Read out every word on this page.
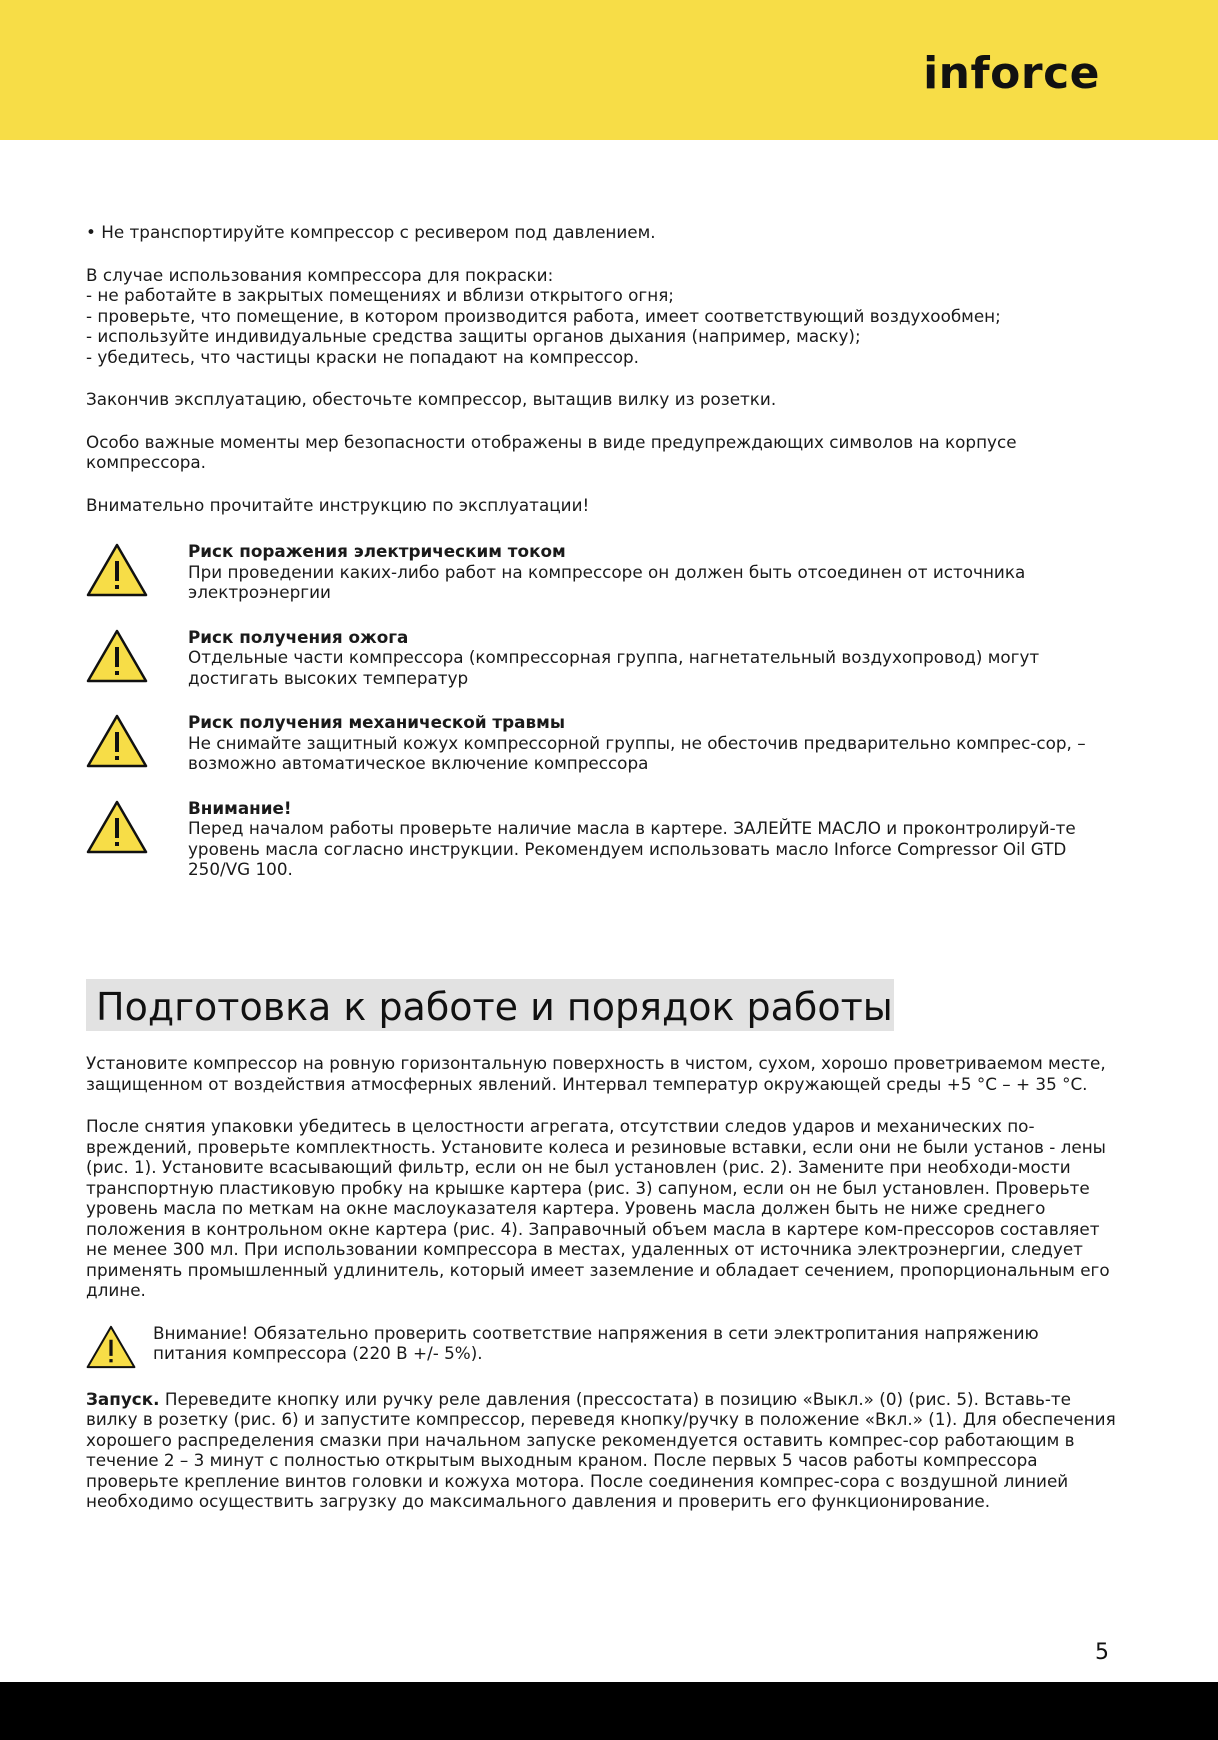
inforce

• Не транспортируйте компрессор с ресивером под давлением.

В случае использования компрессора для покраски:
- не работайте в закрытых помещениях и вблизи открытого огня;
- проверьте, что помещение, в котором производится работа, имеет соответствующий воздухообмен;
- используйте индивидуальные средства защиты органов дыхания (например, маску);
- убедитесь, что частицы краски не попадают на компрессор.

Закончив эксплуатацию, обесточьте компрессор, вытащив вилку из розетки.

Особо важные моменты мер безопасности отображены в виде предупреждающих символов на корпусе компрессора.

Внимательно прочитайте инструкцию по эксплуатации!

Риск поражения электрическим током
При проведении каких-либо работ на компрессоре он должен быть отсоединен от источника электроэнергии
Риск получения ожога
Отдельные части компрессора (компрессорная группа, нагнетательный воздухопровод) могут достигать высоких температур
Риск получения механической травмы
Не снимайте защитный кожух компрессорной группы, не обесточив предварительно компрес-сор, – возможно автоматическое включение компрессора
Внимание!
Перед началом работы проверьте наличие масла в картере. ЗАЛЕЙТЕ МАСЛО и проконтролируй-те уровень масла согласно инструкции. Рекомендуем использовать масло Inforce Compressor Oil GTD 250/VG 100.
Подготовка к работе и порядок работы

Установите компрессор на ровную горизонтальную поверхность в чистом, сухом, хорошо проветриваемом месте, защищенном от воздействия атмосферных явлений. Интервал температур окружающей среды +5 °С – + 35 °С.

После снятия упаковки убедитесь в целостности агрегата, отсутствии следов ударов и механических по-вреждений, проверьте комплектность. Установите колеса и резиновые вставки, если они не были установ - лены (рис. 1). Установите всасывающий фильтр, если он не был установлен (рис. 2). Замените при необходи-мости транспортную пластиковую пробку на крышке картера (рис. 3) сапуном, если он не был установлен. Проверьте уровень масла по меткам на окне маслоуказателя картера. Уровень масла должен быть не ниже среднего положения в контрольном окне картера (рис. 4). Заправочный объем масла в картере ком-прессоров составляет не менее 300 мл. При использовании компрессора в местах, удаленных от источника электроэнергии, следует применять промышленный удлинитель, который имеет заземление и обладает сечением, пропорциональным его длине.

Внимание! Обязательно проверить соответствие напряжения в сети электропитания напряжению питания компрессора (220 В +/- 5%).

Запуск. Переведите кнопку или ручку реле давления (прессостата) в позицию «Выкл.» (0) (рис. 5). Вставь-те вилку в розетку (рис. 6) и запустите компрессор, переведя кнопку/ручку в положение «Вкл.» (1). Для обеспечения хорошего распределения смазки при начальном запуске рекомендуется оставить компрес-сор работающим в течение 2 – 3 минут с полностью открытым выходным краном. После первых 5 часов работы компрессора проверьте крепление винтов головки и кожуха мотора. После соединения компрес-сора с воздушной линией необходимо осуществить загрузку до максимального давления и проверить его функционирование.

5
